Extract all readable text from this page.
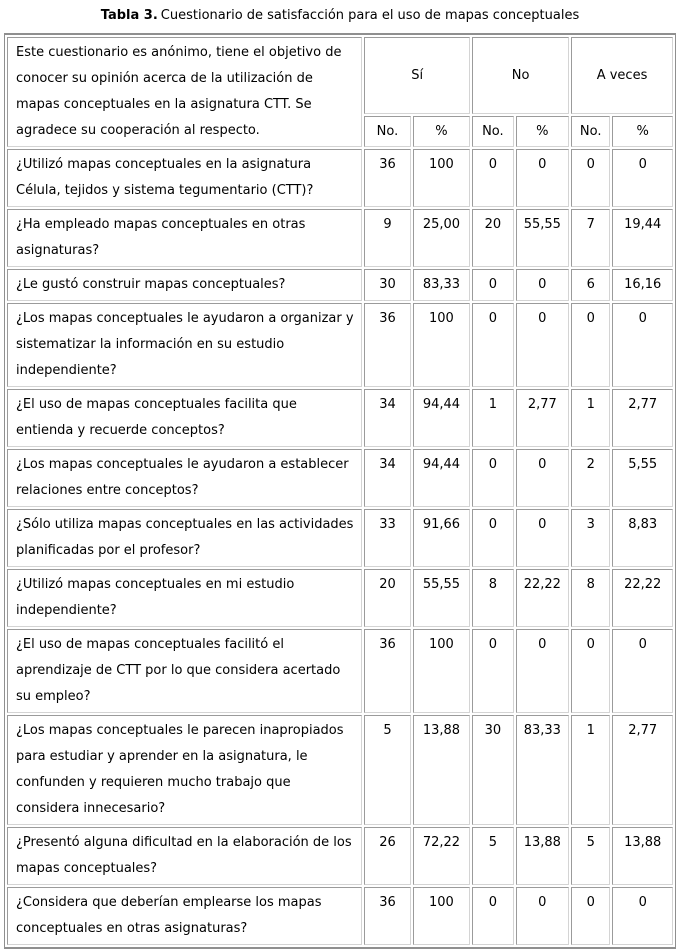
Tabla 3. Cuestionario de satisfacción para el uso de mapas conceptuales
Este cuestionario es anónimo, tiene el objetivo de conocer su opinión acerca de la utilización de mapas conceptuales en la asignatura CTT. Se agradece su cooperación al respecto.	Sí		No		A veces	
	No.	%	No.	%	No.	%
¿Utilizó mapas conceptuales en la asignatura Célula, tejidos y sistema tegumentario (CTT)?	36	100	0	0	0	0
¿Ha empleado mapas conceptuales en otras asignaturas?	9	25,00	20	55,55	7	19,44
¿Le gustó construir mapas conceptuales?	30	83,33	0	0	6	16,16
¿Los mapas conceptuales le ayudaron a organizar y sistematizar la información en su estudio independiente?	36	100	0	0	0	0
¿El uso de mapas conceptuales facilita que entienda y recuerde conceptos?	34	94,44	1	2,77	1	2,77
¿Los mapas conceptuales le ayudaron a establecer relaciones entre conceptos?	34	94,44	0	0	2	5,55
¿Sólo utiliza mapas conceptuales en las actividades planificadas por el profesor?	33	91,66	0	0	3	8,83
¿Utilizó mapas conceptuales en mi estudio independiente?	20	55,55	8	22,22	8	22,22
¿El uso de mapas conceptuales facilitó el aprendizaje de CTT por lo que considera acertado su empleo?	36	100	0	0	0	0
¿Los mapas conceptuales le parecen inapropiados para estudiar y aprender en la asignatura, le confunden y requieren mucho trabajo que considera innecesario?	5	13,88	30	83,33	1	2,77
¿Presentó alguna dificultad en la elaboración de los mapas conceptuales?	26	72,22	5	13,88	5	13,88
¿Considera que deberían emplearse los mapas conceptuales en otras asignaturas?	36	100	0	0	0	0
